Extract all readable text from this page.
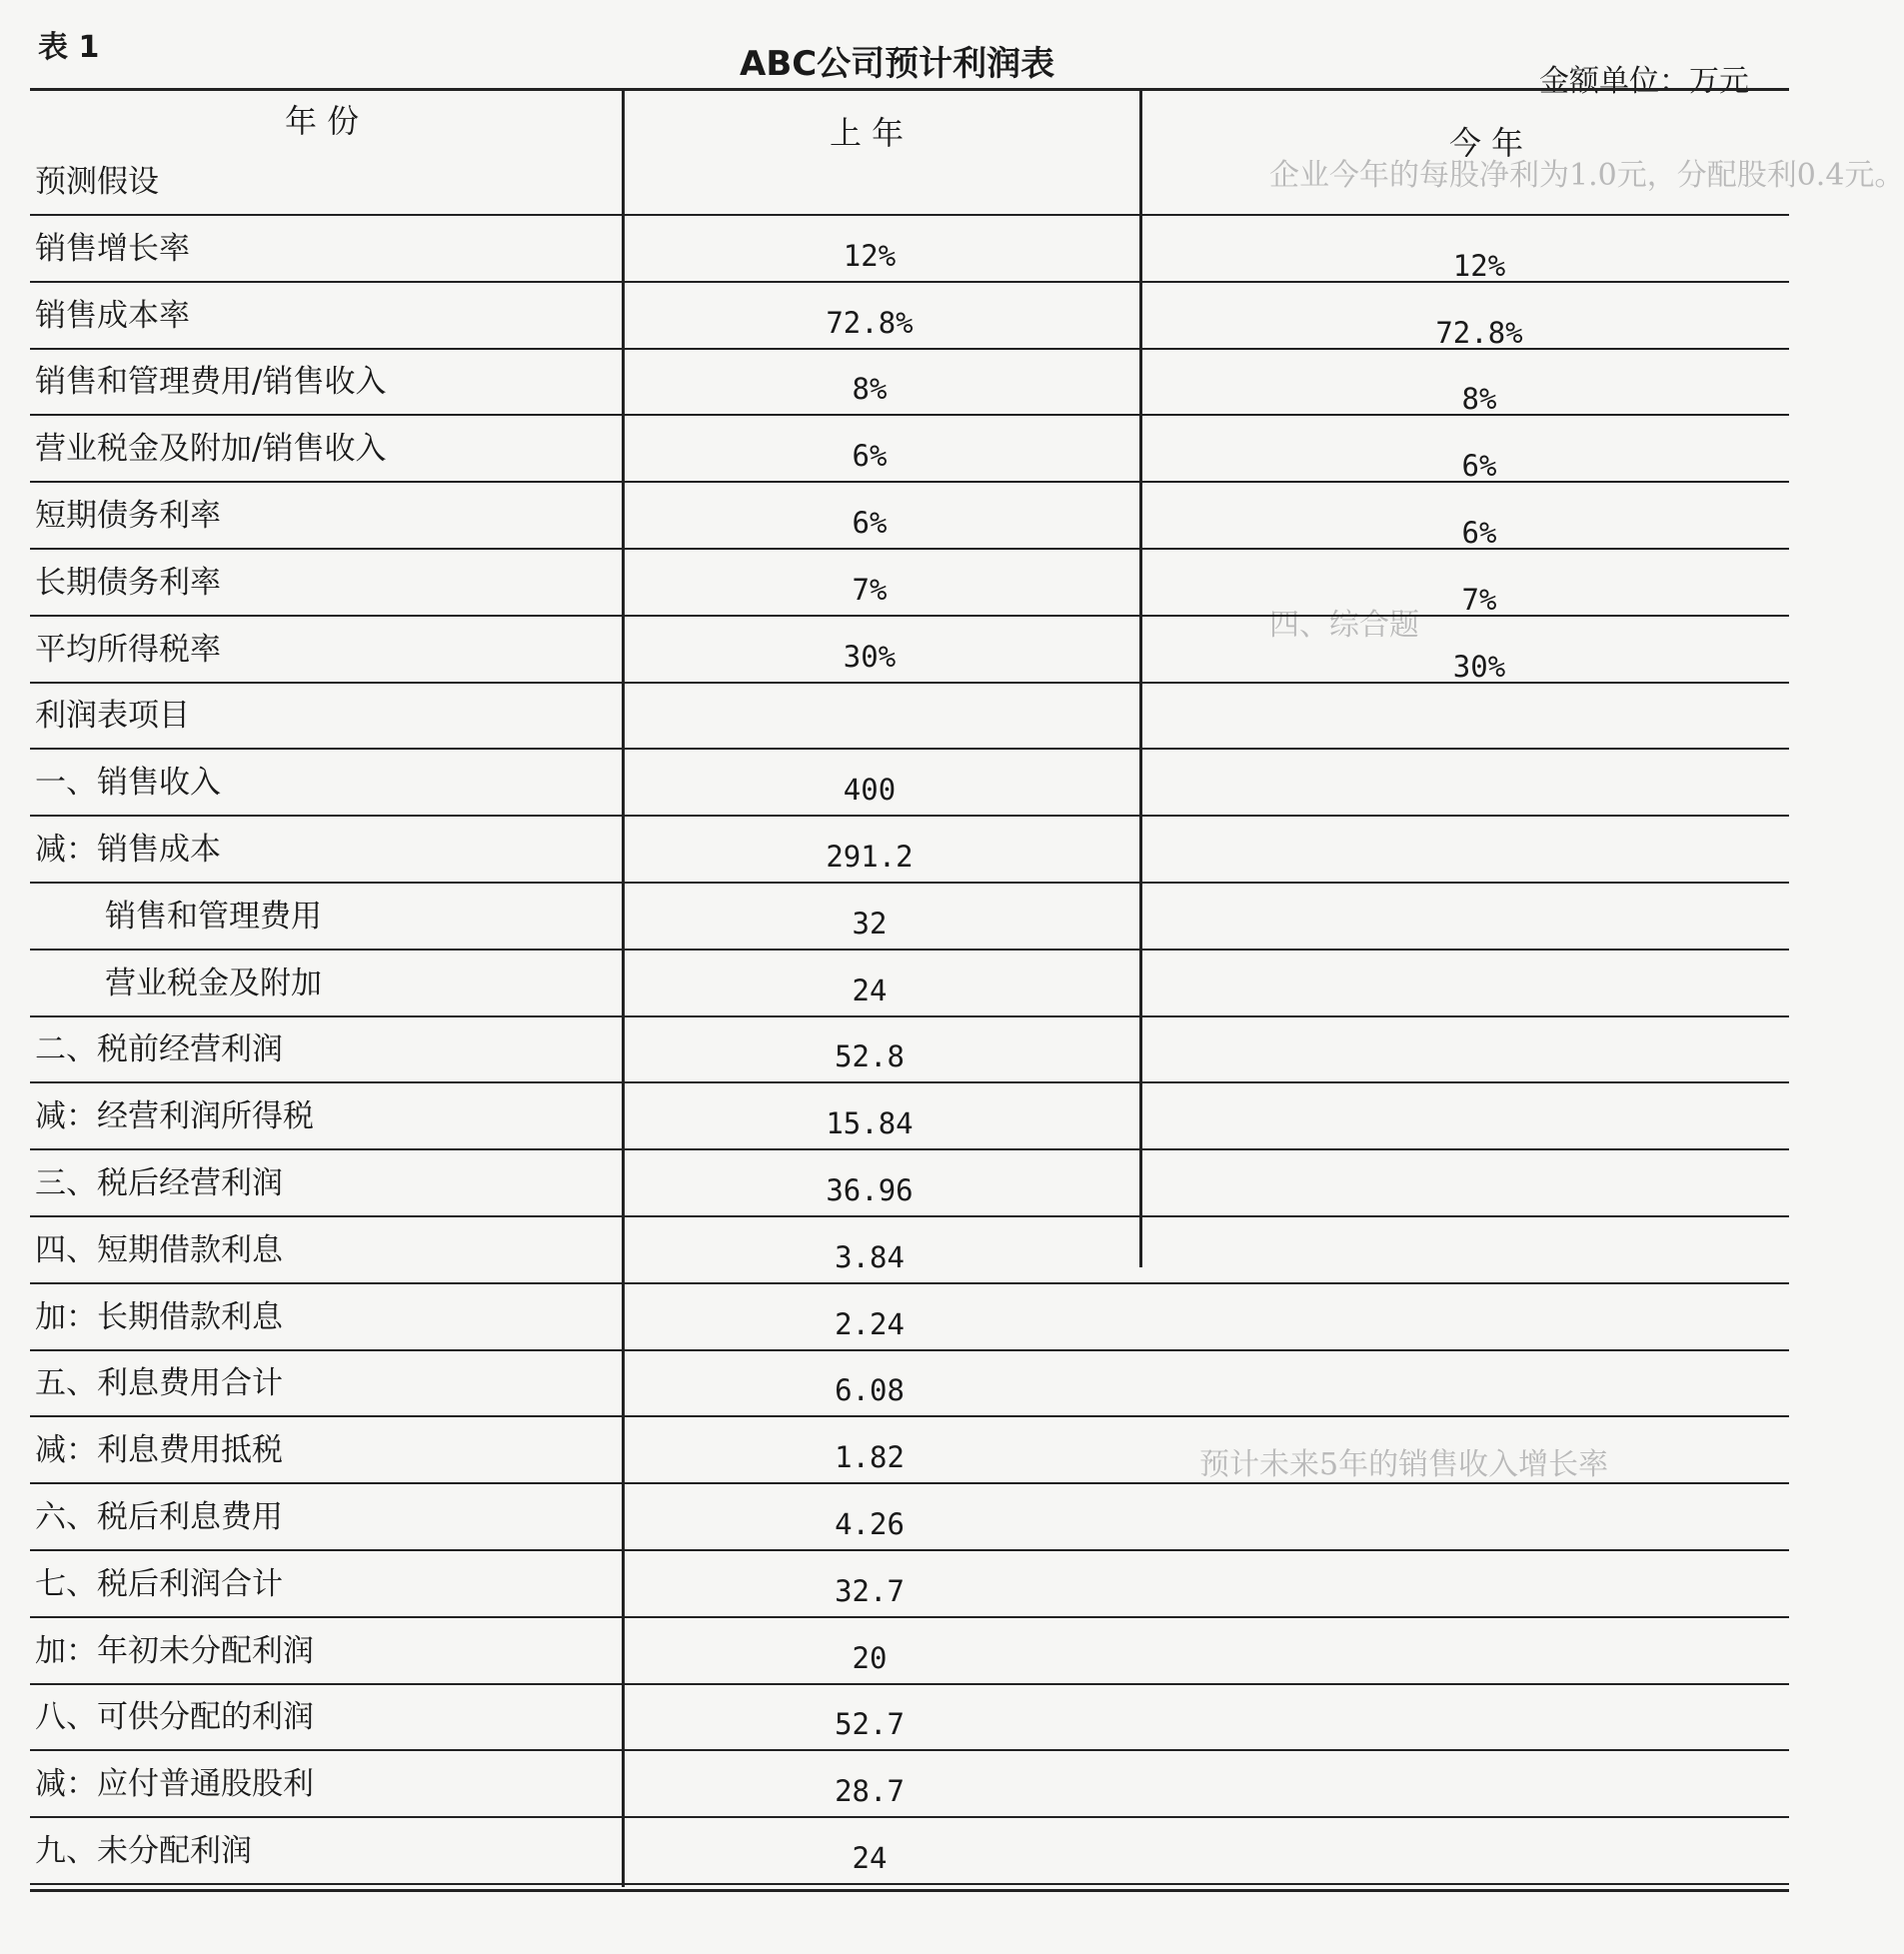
企业今年的每股净利为1.0元，分配股利0.4元。
四、综合题
预计未来5年的销售收入增长率
表 1	ABC公司预计利润表	金额单位：万元
年 份	上 年	今 年
预测假设
销售增长率	12%	12%
销售成本率	72.8%	72.8%
销售和管理费用/销售收入	8%	8%
营业税金及附加/销售收入	6%	6%
短期债务利率	6%	6%
长期债务利率	7%	7%
平均所得税率	30%	30%
利润表项目
一、销售收入	400
减：销售成本	291.2
销售和管理费用	32
营业税金及附加	24
二、税前经营利润	52.8
减：经营利润所得税	15.84
三、税后经营利润	36.96
四、短期借款利息	3.84
加：长期借款利息	2.24
五、利息费用合计	6.08
减：利息费用抵税	1.82
六、税后利息费用	4.26
七、税后利润合计	32.7
加：年初未分配利润	20
八、可供分配的利润	52.7
减：应付普通股股利	28.7
九、未分配利润	24
